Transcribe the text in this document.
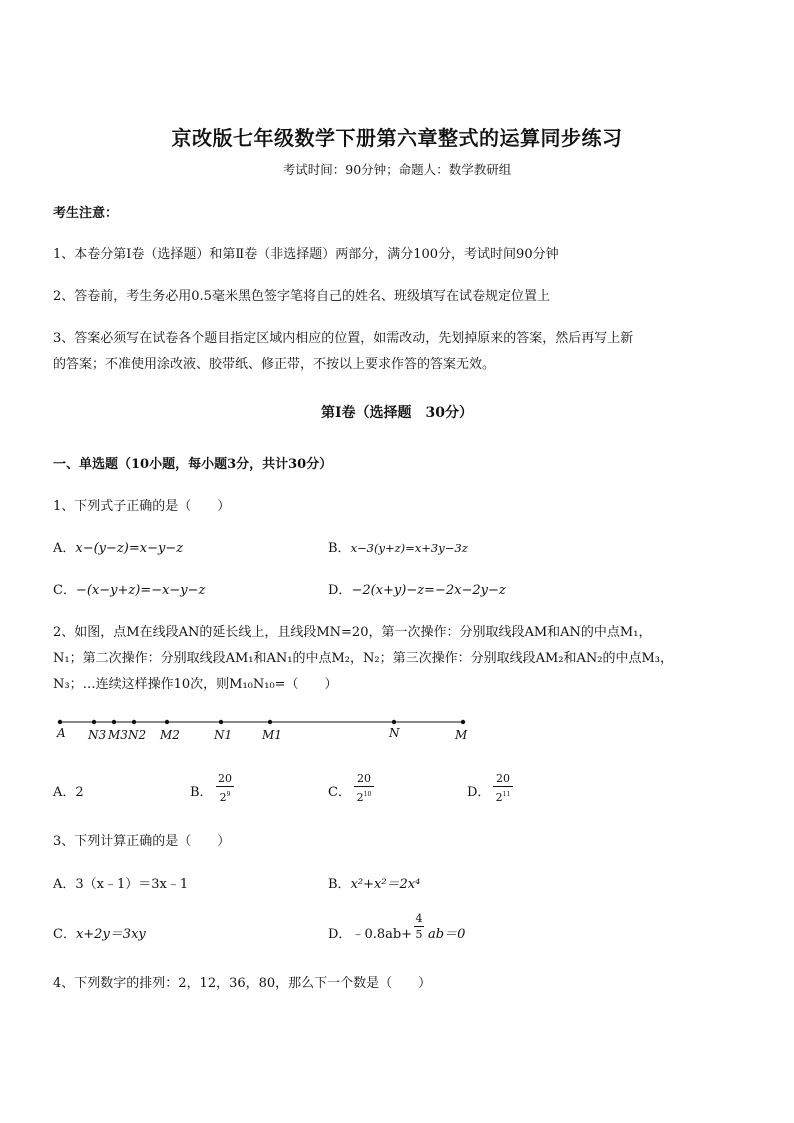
京改版七年级数学下册第六章整式的运算同步练习
考试时间：90分钟；命题人：数学教研组
考生注意：
1、本卷分第Ⅰ卷（选择题）和第Ⅱ卷（非选择题）两部分，满分100分，考试时间90分钟
2、答卷前，考生务必用0.5毫米黑色签字笔将自己的姓名、班级填写在试卷规定位置上
3、答案必须写在试卷各个题目指定区域内相应的位置，如需改动，先划掉原来的答案，然后再写上新
的答案；不准使用涂改液、胶带纸、修正带，不按以上要求作答的答案无效。
第Ⅰ卷（选择题　30分）
一、单选题（10小题，每小题3分，共计30分）
1、下列式子正确的是（　　）
A．x−(y−z)=x−y−z	B．x−3(y+z)=x+3y−3z
C．−(x−y+z)=−x−y−z	D．−2(x+y)−z=−2x−2y−z
2、如图，点M在线段AN的延长线上，且线段MN=20，第一次操作：分别取线段AM和AN的中点M₁，
N₁；第二次操作：分别取线段AM₁和AN₁的中点M₂，N₂；第三次操作：分别取线段AM₂和AN₂的中点M₃，
N₃；…连续这样操作10次，则M₁₀N₁₀=（　　）
A N3 M3 N2 M2	N1 M1	N	M
A．2	B．
20
$2^9$	C．
20
$2^{10}$	D．
20
$2^{11}$
3、下列计算正确的是（　　）
A．3（x﹣1）＝3x﹣1	B．x²+x²＝2x⁴
C．x+2y＝3xy	D．﹣0.8ab+
4
5 ab＝0
4、下列数字的排列：2，12，36，80，那么下一个数是（　　）
